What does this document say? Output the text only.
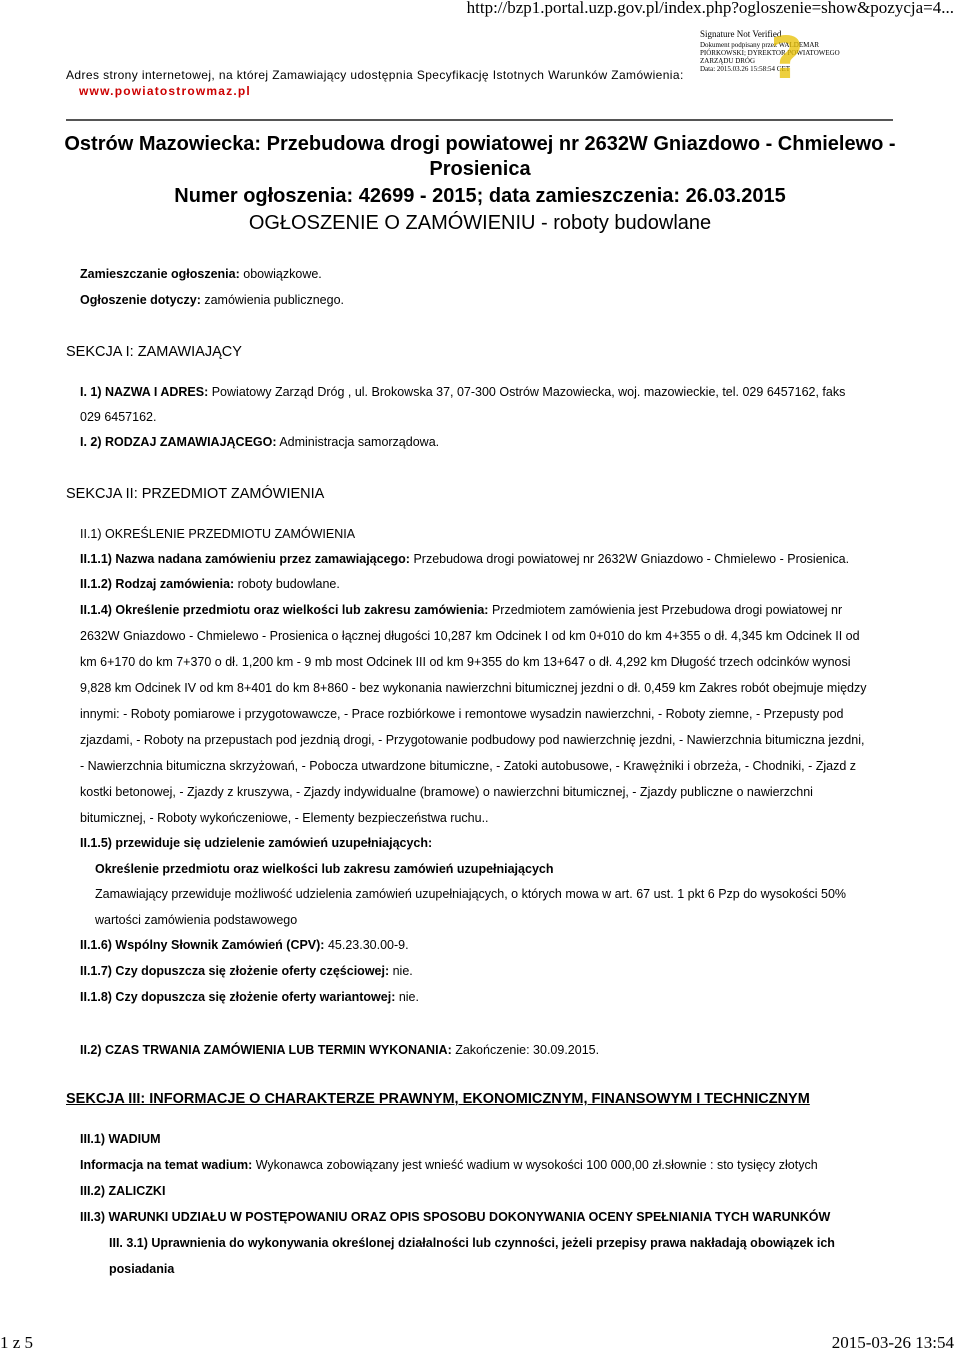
http://bzp1.portal.uzp.gov.pl/index.php?ogloszenie=show&pozycja=4...
Adres strony internetowej, na której Zamawiający udostępnia Specyfikację Istotnych Warunków Zamówienia:
www.powiatostrowmaz.pl
Signature Not Verified
Dokument podpisany przez WALDEMAR
PIÓRKOWSKI; DYREKTOR POWIATOWEGO
ZARZĄDU DRÓG
Data: 2015.03.26 15:58:54 CET
?
Ostrów Mazowiecka: Przebudowa drogi powiatowej nr 2632W Gniazdowo - Chmielewo -
Prosienica
Numer ogłoszenia: 42699 - 2015; data zamieszczenia: 26.03.2015
OGŁOSZENIE O ZAMÓWIENIU - roboty budowlane
Zamieszczanie ogłoszenia: obowiązkowe.
Ogłoszenie dotyczy: zamówienia publicznego.
SEKCJA I: ZAMAWIAJĄCY
I. 1) NAZWA I ADRES: Powiatowy Zarząd Dróg , ul. Brokowska 37, 07-300 Ostrów Mazowiecka, woj. mazowieckie, tel. 029 6457162, faks
029 6457162.
I. 2) RODZAJ ZAMAWIAJĄCEGO: Administracja samorządowa.
SEKCJA II: PRZEDMIOT ZAMÓWIENIA
II.1) OKREŚLENIE PRZEDMIOTU ZAMÓWIENIA
II.1.1) Nazwa nadana zamówieniu przez zamawiającego: Przebudowa drogi powiatowej nr 2632W Gniazdowo - Chmielewo - Prosienica.
II.1.2) Rodzaj zamówienia: roboty budowlane.
II.1.4) Określenie przedmiotu oraz wielkości lub zakresu zamówienia: Przedmiotem zamówienia jest Przebudowa drogi powiatowej nr
2632W Gniazdowo - Chmielewo - Prosienica o łącznej długości 10,287 km Odcinek I od km 0+010 do km 4+355 o dł. 4,345 km Odcinek II od
km 6+170 do km 7+370 o dł. 1,200 km - 9 mb most Odcinek III od km 9+355 do km 13+647 o dł. 4,292 km Długość trzech odcinków wynosi
9,828 km Odcinek IV od km 8+401 do km 8+860 - bez wykonania nawierzchni bitumicznej jezdni o dł. 0,459 km Zakres robót obejmuje między
innymi: - Roboty pomiarowe i przygotowawcze, - Prace rozbiórkowe i remontowe wysadzin nawierzchni, - Roboty ziemne, - Przepusty pod
zjazdami, - Roboty na przepustach pod jezdnią drogi, - Przygotowanie podbudowy pod nawierzchnię jezdni, - Nawierzchnia bitumiczna jezdni,
- Nawierzchnia bitumiczna skrzyżowań, - Pobocza utwardzone bitumiczne, - Zatoki autobusowe, - Krawężniki i obrzeża, - Chodniki, - Zjazd z
kostki betonowej, - Zjazdy z kruszywa, - Zjazdy indywidualne (bramowe) o nawierzchni bitumicznej, - Zjazdy publiczne o nawierzchni
bitumicznej, - Roboty wykończeniowe, - Elementy bezpieczeństwa ruchu..
II.1.5) przewiduje się udzielenie zamówień uzupełniających:
Określenie przedmiotu oraz wielkości lub zakresu zamówień uzupełniających
Zamawiający przewiduje możliwość udzielenia zamówień uzupełniających, o których mowa w art. 67 ust. 1 pkt 6 Pzp do wysokości 50%
wartości zamówienia podstawowego
II.1.6) Wspólny Słownik Zamówień (CPV): 45.23.30.00-9.
II.1.7) Czy dopuszcza się złożenie oferty częściowej: nie.
II.1.8) Czy dopuszcza się złożenie oferty wariantowej: nie.
II.2) CZAS TRWANIA ZAMÓWIENIA LUB TERMIN WYKONANIA: Zakończenie: 30.09.2015.
SEKCJA III: INFORMACJE O CHARAKTERZE PRAWNYM, EKONOMICZNYM, FINANSOWYM I TECHNICZNYM
III.1) WADIUM
Informacja na temat wadium: Wykonawca zobowiązany jest wnieść wadium w wysokości 100 000,00 zł.słownie : sto tysięcy złotych
III.2) ZALICZKI
III.3) WARUNKI UDZIAŁU W POSTĘPOWANIU ORAZ OPIS SPOSOBU DOKONYWANIA OCENY SPEŁNIANIA TYCH WARUNKÓW
III. 3.1) Uprawnienia do wykonywania określonej działalności lub czynności, jeżeli przepisy prawa nakładają obowiązek ich
posiadania
1 z 5	2015-03-26 13:54
